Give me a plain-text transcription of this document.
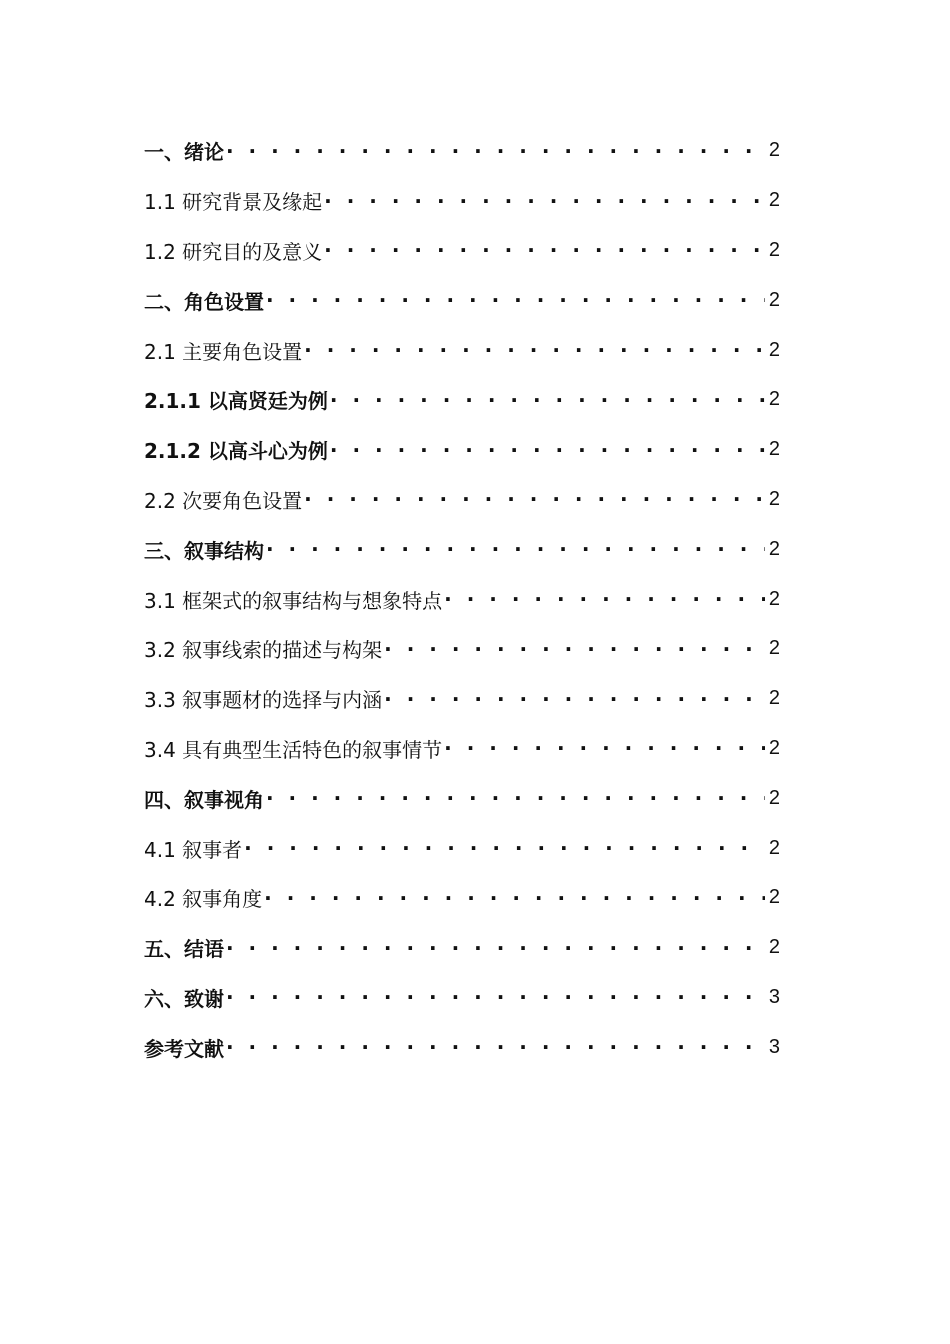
一、绪论 · · ·	2
1.1 研究背景及缘起 · · ·	2
1.2 研究目的及意义 · · ·	2
二、角色设置 · · ·	2
2.1 主要角色设置 · · ·	2
2.1.1 以高贤廷为例 · · ·	2
2.1.2 以高斗心为例 · · ·	2
2.2 次要角色设置 · · ·	2
三、叙事结构 · · ·	2
3.1 框架式的叙事结构与想象特点 · · ·	2
3.2 叙事线索的描述与构架 · · ·	2
3.3 叙事题材的选择与内涵 · · ·	2
3.4 具有典型生活特色的叙事情节 · · ·	2
四、叙事视角 · · ·	2
4.1 叙事者 · · ·	2
4.2 叙事角度 · · ·	2
五、结语 · · ·	2
六、致谢 · · ·	3
参考文献 · · ·	3
